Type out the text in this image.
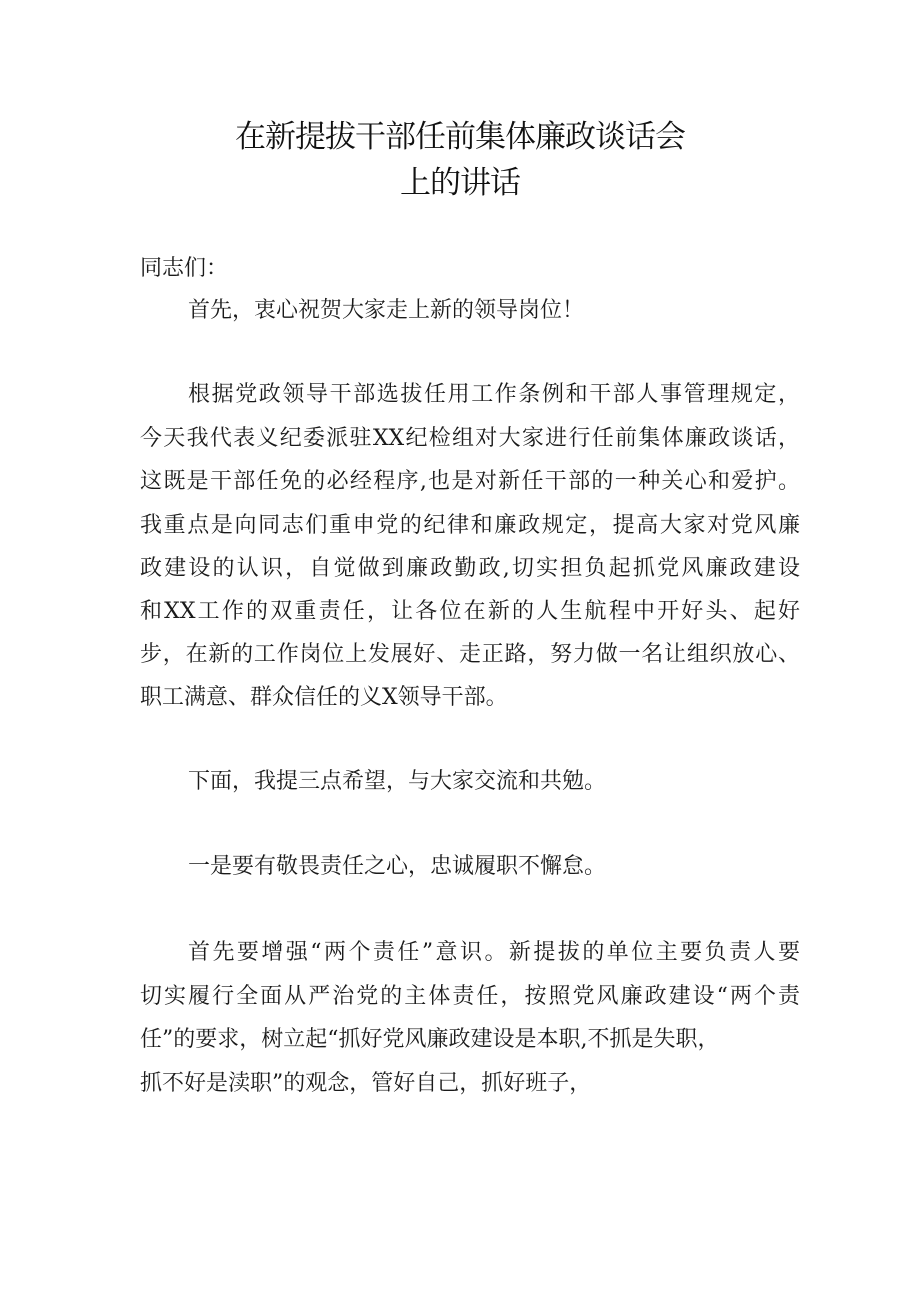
在新提拔干部任前集体廉政谈话会
上的讲话
同志们：
首先，衷心祝贺大家走上新的领导岗位！
根据党政领导干部选拔任用工作条例和干部人事管理规定，
今天我代表义纪委派驻XX纪检组对大家进行任前集体廉政谈话，
这既是干部任免的必经程序,也是对新任干部的一种关心和爱护。
我重点是向同志们重申党的纪律和廉政规定，提高大家对党风廉
政建设的认识，自觉做到廉政勤政,切实担负起抓党风廉政建设
和XX工作的双重责任，让各位在新的人生航程中开好头、起好
步，在新的工作岗位上发展好、走正路，努力做一名让组织放心、
职工满意、群众信任的义X领导干部。
下面，我提三点希望，与大家交流和共勉。
一是要有敬畏责任之心，忠诚履职不懈怠。
首先要增强“两个责任”意识。新提拔的单位主要负责人要
切实履行全面从严治党的主体责任，按照党风廉政建设“两个责
任”的要求，树立起“抓好党风廉政建设是本职,不抓是失职，
抓不好是渎职”的观念，管好自己，抓好班子，
